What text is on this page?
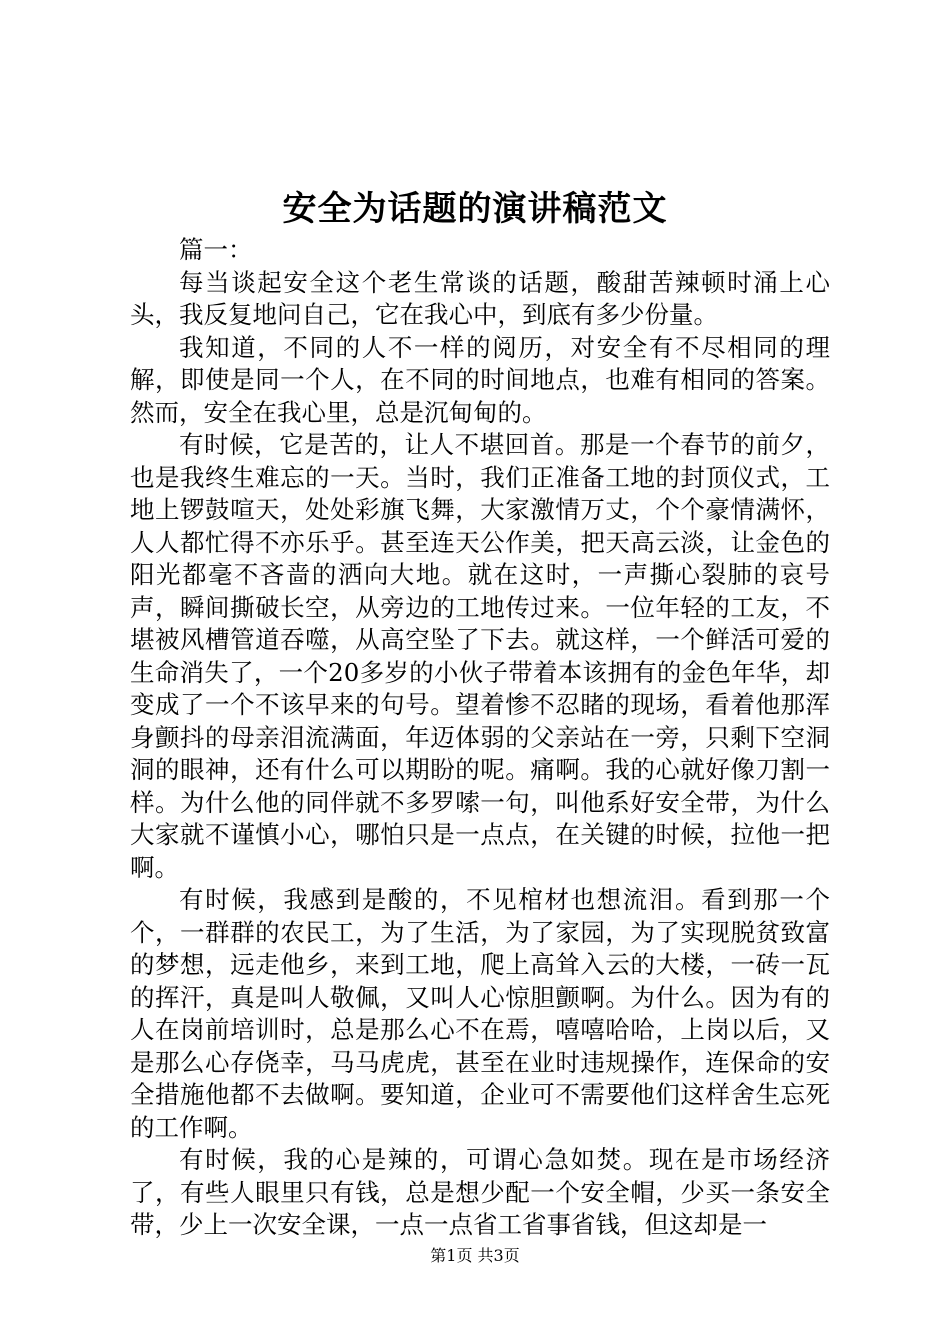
安全为话题的演讲稿范文

篇一：

每当谈起安全这个老生常谈的话题，酸甜苦辣顿时涌上心头，我反复地问自己，它在我心中，到底有多少份量。

我知道，不同的人不一样的阅历，对安全有不尽相同的理解，即使是同一个人，在不同的时间地点，也难有相同的答案。然而，安全在我心里，总是沉甸甸的。

有时候，它是苦的，让人不堪回首。那是一个春节的前夕，也是我终生难忘的一天。当时，我们正准备工地的封顶仪式，工地上锣鼓喧天，处处彩旗飞舞，大家激情万丈，个个豪情满怀，人人都忙得不亦乐乎。甚至连天公作美，把天高云淡，让金色的阳光都毫不吝啬的洒向大地。就在这时，一声撕心裂肺的哀号声，瞬间撕破长空，从旁边的工地传过来。一位年轻的工友，不堪被风槽管道吞噬，从高空坠了下去。就这样，一个鲜活可爱的生命消失了，一个20多岁的小伙子带着本该拥有的金色年华，却变成了一个不该早来的句号。望着惨不忍睹的现场，看着他那浑身颤抖的母亲泪流满面，年迈体弱的父亲站在一旁，只剩下空洞洞的眼神，还有什么可以期盼的呢。痛啊。我的心就好像刀割一样。为什么他的同伴就不多罗嗦一句，叫他系好安全带，为什么大家就不谨慎小心，哪怕只是一点点，在关键的时候，拉他一把啊。

有时候，我感到是酸的，不见棺材也想流泪。看到那一个个，一群群的农民工，为了生活，为了家园，为了实现脱贫致富的梦想，远走他乡，来到工地，爬上高耸入云的大楼，一砖一瓦的挥汗，真是叫人敬佩，又叫人心惊胆颤啊。为什么。因为有的人在岗前培训时，总是那么心不在焉，嘻嘻哈哈，上岗以后，又是那么心存侥幸，马马虎虎，甚至在业时违规操作，连保命的安全措施他都不去做啊。要知道，企业可不需要他们这样舍生忘死的工作啊。

有时候，我的心是辣的，可谓心急如焚。现在是市场经济了，有些人眼里只有钱，总是想少配一个安全帽，少买一条安全带，少上一次安全课，一点一点省工省事省钱，但这却是一

第1页 共3页
